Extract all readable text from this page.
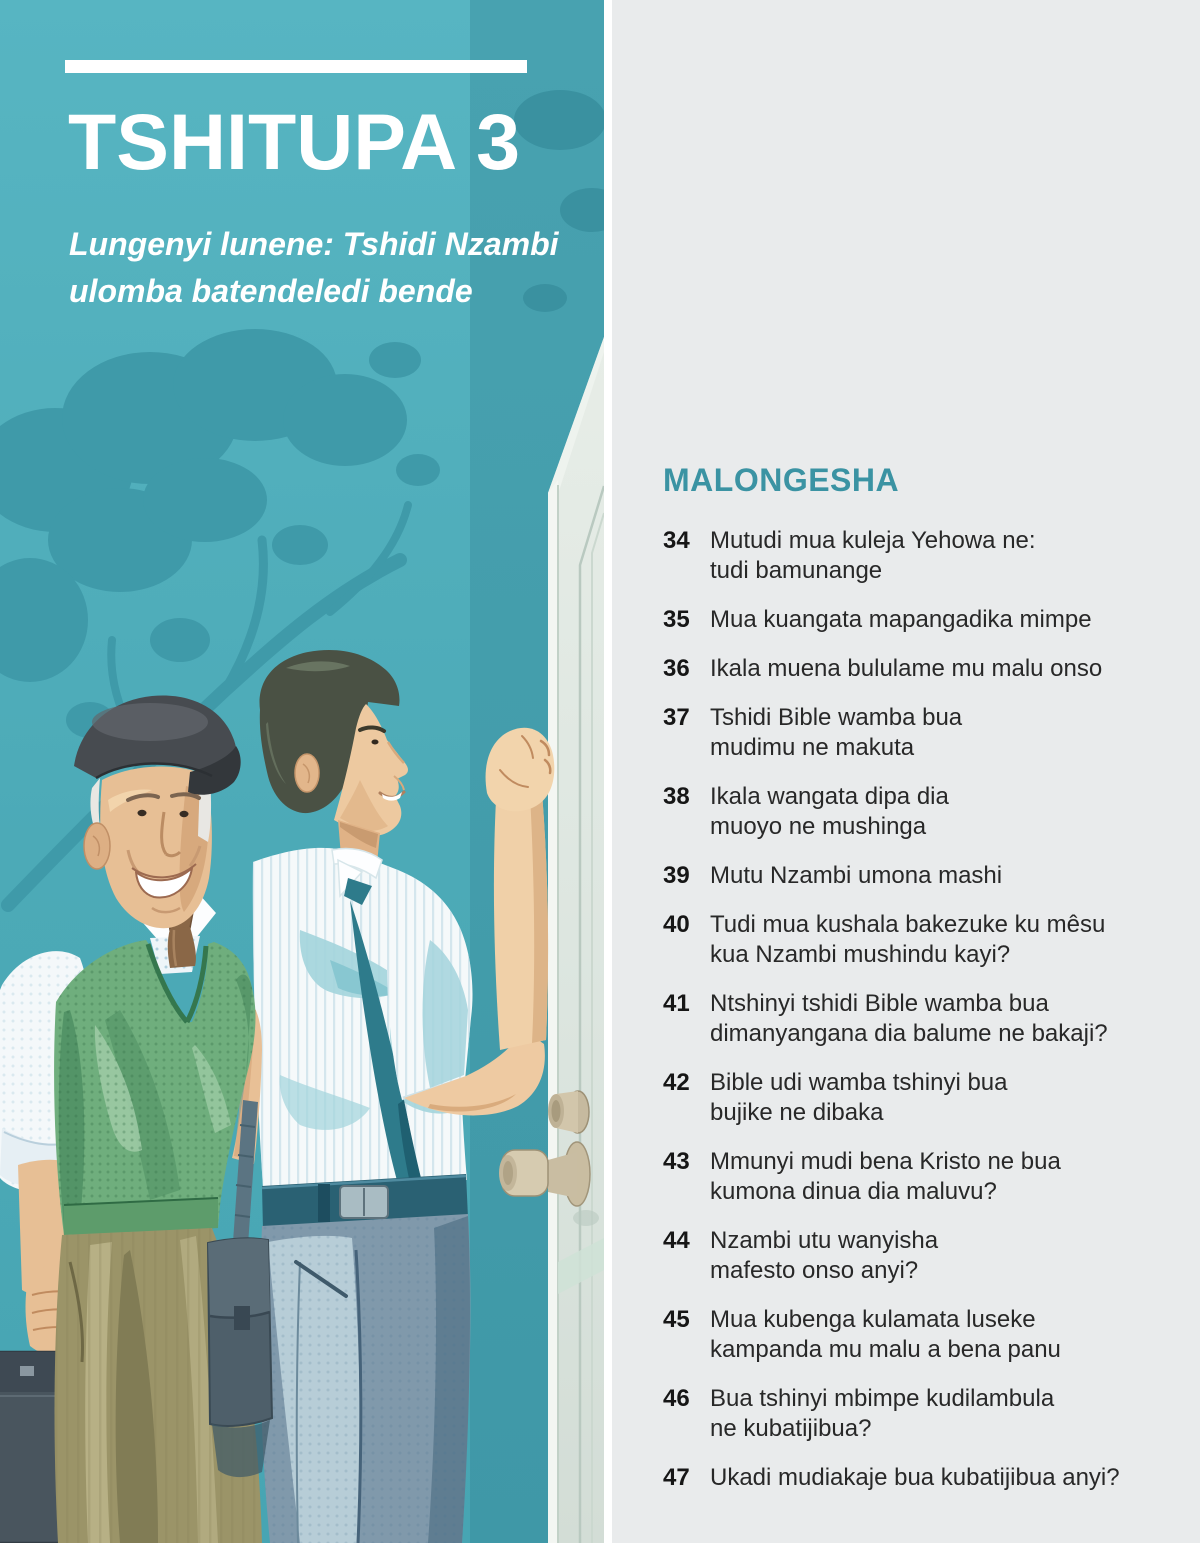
TSHITUPA 3
Lungenyi lunene: Tshidi Nzambi
ulomba batendeledi bende
MALONGESHA
34 Mutudi mua kuleja Yehowa ne:
tudi bamunange
35 Mua kuangata mapangadika mimpe
36 Ikala muena bululame mu malu onso
37 Tshidi Bible wamba bua
mudimu ne makuta
38 Ikala wangata dipa dia
muoyo ne mushinga
39 Mutu Nzambi umona mashi
40 Tudi mua kushala bakezuke ku mêsu
kua Nzambi mushindu kayi?
41 Ntshinyi tshidi Bible wamba bua
dimanyangana dia balume ne bakaji?
42 Bible udi wamba tshinyi bua
bujike ne dibaka
43 Mmunyi mudi bena Kristo ne bua
kumona dinua dia maluvu?
44 Nzambi utu wanyisha
mafesto onso anyi?
45 Mua kubenga kulamata luseke
kampanda mu malu a bena panu
46 Bua tshinyi mbimpe kudilambula
ne kubatijibua?
47 Ukadi mudiakaje bua kubatijibua anyi?
